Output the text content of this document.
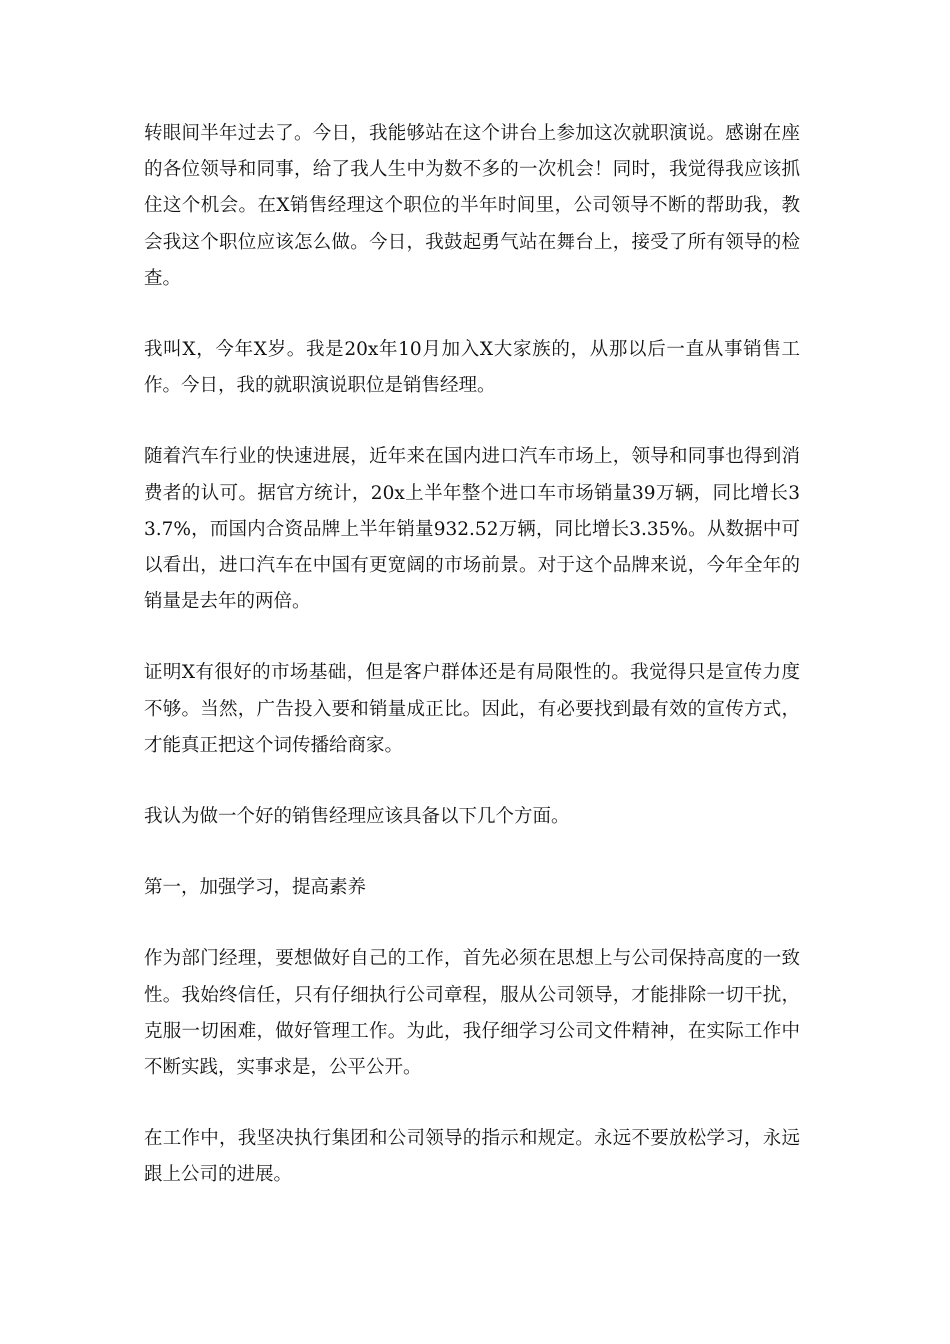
转眼间半年过去了。今日，我能够站在这个讲台上参加这次就职演说。感谢在座的各位领导和同事，给了我人生中为数不多的一次机会！同时，我觉得我应该抓住这个机会。在X销售经理这个职位的半年时间里，公司领导不断的帮助我，教会我这个职位应该怎么做。今日，我鼓起勇气站在舞台上，接受了所有领导的检查。

我叫X，今年X岁。我是20x年10月加入X大家族的，从那以后一直从事销售工作。今日，我的就职演说职位是销售经理。

随着汽车行业的快速进展，近年来在国内进口汽车市场上，领导和同事也得到消费者的认可。据官方统计，20x上半年整个进口车市场销量39万辆，同比增长33.7%，而国内合资品牌上半年销量932.52万辆，同比增长3.35%。从数据中可以看出，进口汽车在中国有更宽阔的市场前景。对于这个品牌来说，今年全年的销量是去年的两倍。

证明X有很好的市场基础，但是客户群体还是有局限性的。我觉得只是宣传力度不够。当然，广告投入要和销量成正比。因此，有必要找到最有效的宣传方式，才能真正把这个词传播给商家。

我认为做一个好的销售经理应该具备以下几个方面。

第一，加强学习，提高素养

作为部门经理，要想做好自己的工作，首先必须在思想上与公司保持高度的一致性。我始终信任，只有仔细执行公司章程，服从公司领导，才能排除一切干扰，克服一切困难，做好管理工作。为此，我仔细学习公司文件精神，在实际工作中不断实践，实事求是，公平公开。

在工作中，我坚决执行集团和公司领导的指示和规定。永远不要放松学习，永远跟上公司的进展。
